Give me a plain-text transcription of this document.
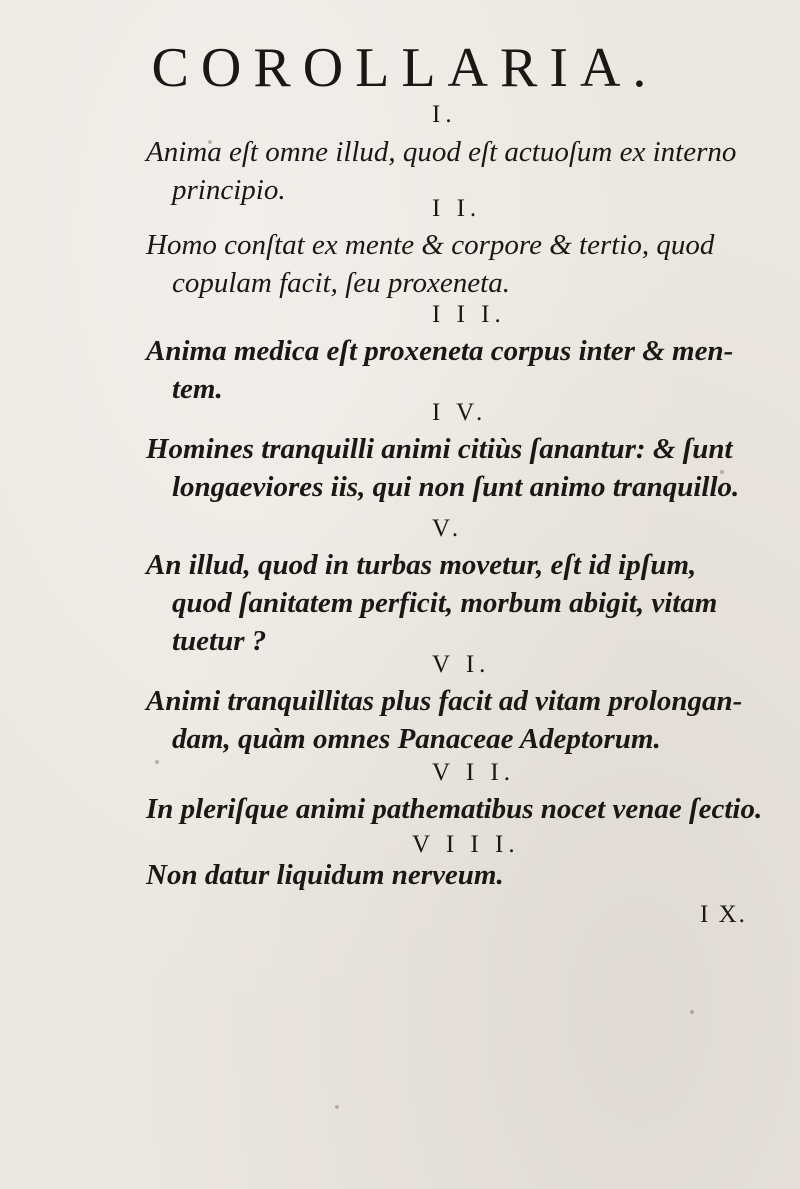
COROLLARIA.
I.
Anima eſt omne illud, quod eſt actuoſum ex interno
principio.
I I.
Homo conſtat ex mente & corpore & tertio, quod
copulam facit, ſeu proxeneta.
I I I.
Anima medica eſt proxeneta corpus inter & men-
tem.
I V.
Homines tranquilli animi citiùs ſanantur: & ſunt
longaeviores iis, qui non ſunt animo tranquillo.
V.
An illud, quod in turbas movetur, eſt id ipſum,
quod ſanitatem perficit, morbum abigit, vitam
tuetur ?
V I.
Animi tranquillitas plus facit ad vitam prolongan-
dam, quàm omnes Panaceae Adeptorum.
V I I.
In pleriſque animi pathematibus nocet venae ſectio.
V I I I.
Non datur liquidum nerveum.
I X.
